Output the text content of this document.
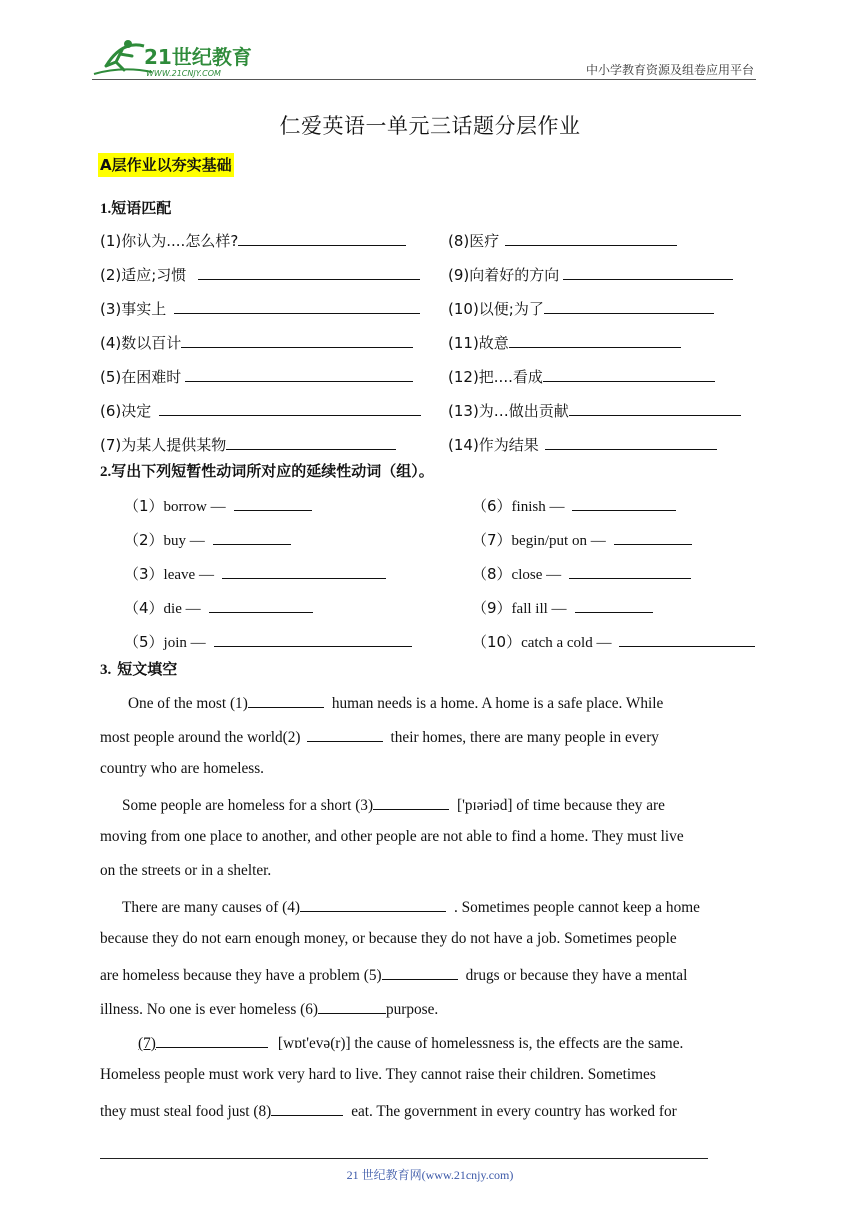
21世纪教育
WWW.21CNJY.COM	中小学教育资源及组卷应用平台
仁爱英语一单元三话题分层作业
A层作业以夯实基础
1.短语匹配
(1)你认为....怎么样?
(2)适应;习惯
(3)事实上
(4)数以百计
(5)在困难时
(6)决定
(7)为某人提供某物
(8)医疗
(9)向着好的方向
(10)以便;为了
(11)故意
(12)把....看成
(13)为…做出贡献
(14)作为结果
2.写出下列短暂性动词所对应的延续性动词（组）。
（1）borrow —
（2）buy —
（3）leave —
（4）die —
（5）join —
（6）finish —
（7）begin/put on —
（8）close —
（9）fall ill —
（10）catch a cold —
3. 短文填空
One of the most (1)	human needs is a home. A home is a safe place. While
most people around the world(2)	their homes, there are many people in every
country who are homeless.
Some people are homeless for a short (3)	['pɪəriəd] of time because they are
moving from one place to another, and other people are not able to find a home. They must live
on the streets or in a shelter.
There are many causes of (4)	. Sometimes people cannot keep a home
because they do not earn enough money, or because they do not have a job. Sometimes people
are homeless because they have a problem (5)	drugs or because they have a mental
illness. No one is ever homeless (6)	purpose.
(7)	[wɒt'evə(r)] the cause of homelessness is, the effects are the same.
Homeless people must work very hard to live. They cannot raise their children. Sometimes
they must steal food just (8)	eat. The government in every country has worked for
21 世纪教育网(www.21cnjy.com)
